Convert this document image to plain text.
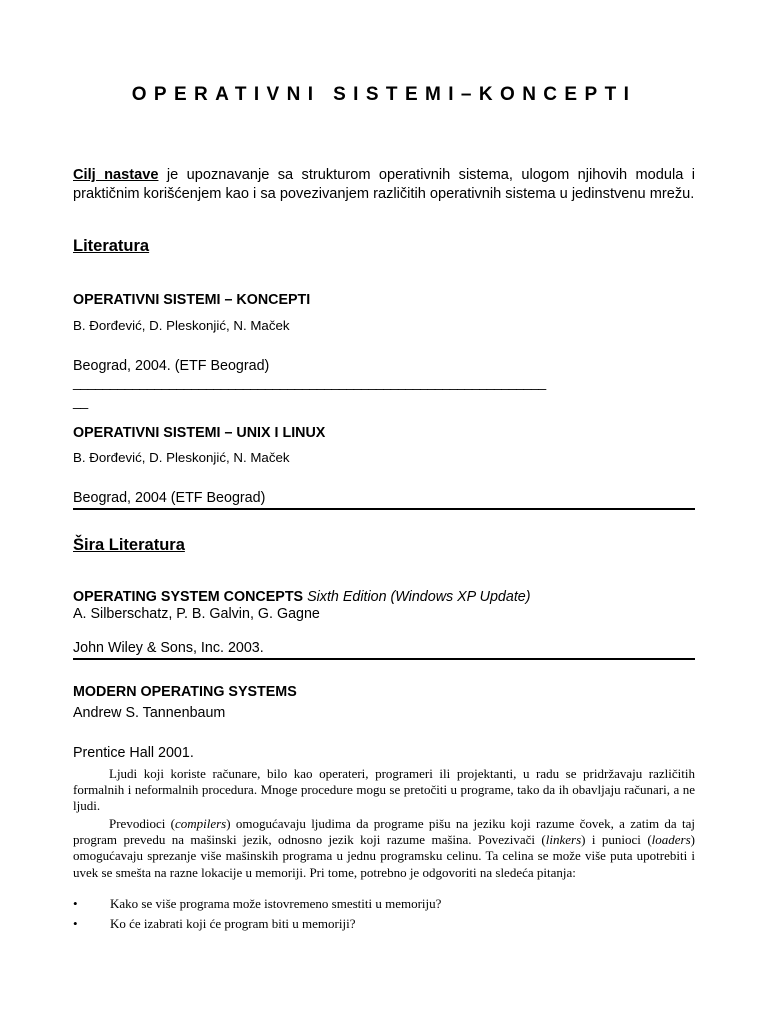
OPERATIVNI SISTEMI–KONCEPTI
Cilj nastave je upoznavanje sa strukturom operativnih sistema, ulogom njihovih modula i praktičnim korišćenjem kao i sa povezivanjem različitih operativnih sistema u jedinstvenu mrežu.
Literatura
OPERATIVNI SISTEMI – KONCEPTI
B. Đorđević, D. Pleskonjić, N. Maček
Beograd, 2004. (ETF Beograd)
________________________________________________________________
__
OPERATIVNI SISTEMI – UNIX I LINUX
B. Đorđević, D. Pleskonjić, N. Maček
Beograd, 2004 (ETF Beograd)
Šira Literatura
OPERATING SYSTEM CONCEPTS Sixth Edition (Windows XP Update)
A. Silberschatz, P. B. Galvin, G. Gagne
John Wiley & Sons, Inc. 2003.
MODERN OPERATING SYSTEMS
Andrew S. Tannenbaum
Prentice Hall 2001.
Ljudi koji koriste računare, bilo kao operateri, programeri ili projektanti, u radu se pridržavaju različitih formalnih i neformalnih procedura. Mnoge procedure mogu se pretočiti u programe, tako da ih obavljaju računari, a ne ljudi.
Prevodioci (compilers) omogućavaju ljudima da programe pišu na jeziku koji razume čovek, a zatim da taj program prevedu na mašinski jezik, odnosno jezik koji razume mašina. Povezivači (linkers) i punioci (loaders) omogućavaju sprezanje više mašinskih programa u jednu programsku celinu. Ta celina se može više puta upotrebiti i uvek se smešta na razne lokacije u memoriji. Pri tome, potrebno je odgovoriti na sledeća pitanja:
• Kako se više programa može istovremeno smestiti u memoriju?
• Ko će izabrati koji će program biti u memoriji?
